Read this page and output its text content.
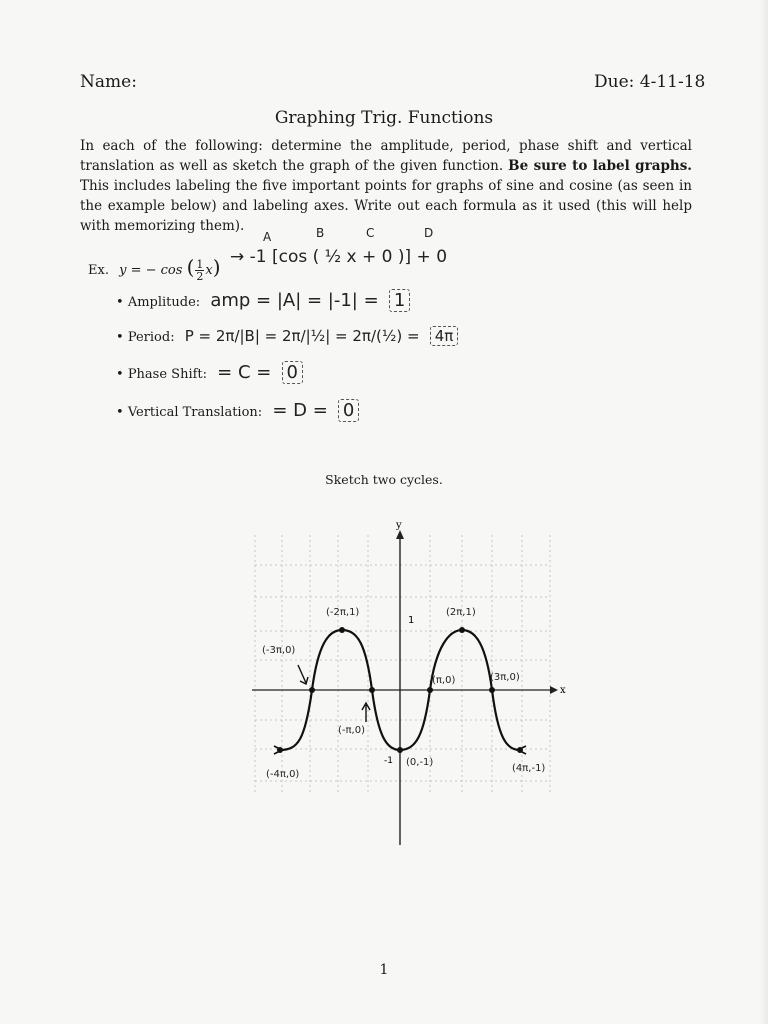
Name:	Due: 4-11-18
Graphing Trig. Functions
In each of the following: determine the amplitude, period, phase shift and vertical translation as well as sketch the graph of the given function. Be sure to label graphs. This includes labeling the five important points for graphs of sine and cosine (as seen in the example below) and labeling axes. Write out each formula as it used (this will help with memorizing them).
Ex. y = − cos ( $\frac{1}{2}x) \to -1$ [cos ( ½ x + 0 )] + 0
A	B	C	D
• Amplitude: amp = |A| = |-1| = 1
• Period: P = 2π/|B| = 2π/|½| = 2π/(½) = 4π
• Phase Shift: = C = 0
• Vertical Translation: = D = 0
Sketch two cycles.
y
x
1
-1
(-4π,0)
(-3π,0)
(-2π,1)
(-π,0)
(0,-1)
(π,0)
(2π,1)
(3π,0)
(4π,-1)
1
